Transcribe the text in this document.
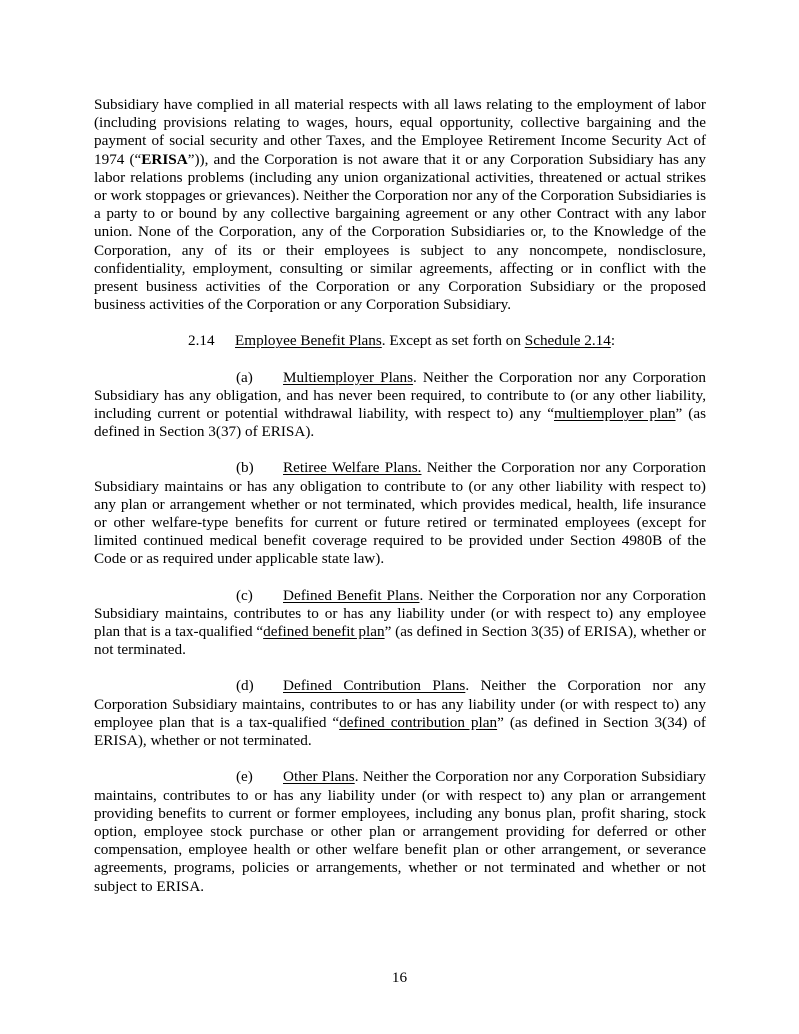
Subsidiary have complied in all material respects with all laws relating to the employment of labor (including provisions relating to wages, hours, equal opportunity, collective bargaining and the payment of social security and other Taxes, and the Employee Retirement Income Security Act of 1974 (“ERISA”)), and the Corporation is not aware that it or any Corporation Subsidiary has any labor relations problems (including any union organizational activities, threatened or actual strikes or work stoppages or grievances). Neither the Corporation nor any of the Corporation Subsidiaries is a party to or bound by any collective bargaining agreement or any other Contract with any labor union. None of the Corporation, any of the Corporation Subsidiaries or, to the Knowledge of the Corporation, any of its or their employees is subject to any noncompete, nondisclosure, confidentiality, employment, consulting or similar agreements, affecting or in conflict with the present business activities of the Corporation or any Corporation Subsidiary or the proposed business activities of the Corporation or any Corporation Subsidiary.

2.14 Employee Benefit Plans. Except as set forth on Schedule 2.14:

(a) Multiemployer Plans. Neither the Corporation nor any Corporation Subsidiary has any obligation, and has never been required, to contribute to (or any other liability, including current or potential withdrawal liability, with respect to) any “multiemployer plan” (as defined in Section 3(37) of ERISA).

(b) Retiree Welfare Plans. Neither the Corporation nor any Corporation Subsidiary maintains or has any obligation to contribute to (or any other liability with respect to) any plan or arrangement whether or not terminated, which provides medical, health, life insurance or other welfare-type benefits for current or future retired or terminated employees (except for limited continued medical benefit coverage required to be provided under Section 4980B of the Code or as required under applicable state law).

(c) Defined Benefit Plans. Neither the Corporation nor any Corporation Subsidiary maintains, contributes to or has any liability under (or with respect to) any employee plan that is a tax-qualified “defined benefit plan” (as defined in Section 3(35) of ERISA), whether or not terminated.

(d) Defined Contribution Plans. Neither the Corporation nor any Corporation Subsidiary maintains, contributes to or has any liability under (or with respect to) any employee plan that is a tax-qualified “defined contribution plan” (as defined in Section 3(34) of ERISA), whether or not terminated.

(e) Other Plans. Neither the Corporation nor any Corporation Subsidiary maintains, contributes to or has any liability under (or with respect to) any plan or arrangement providing benefits to current or former employees, including any bonus plan, profit sharing, stock option, employee stock purchase or other plan or arrangement providing for deferred or other compensation, employee health or other welfare benefit plan or other arrangement, or severance agreements, programs, policies or arrangements, whether or not terminated and whether or not subject to ERISA.

16
